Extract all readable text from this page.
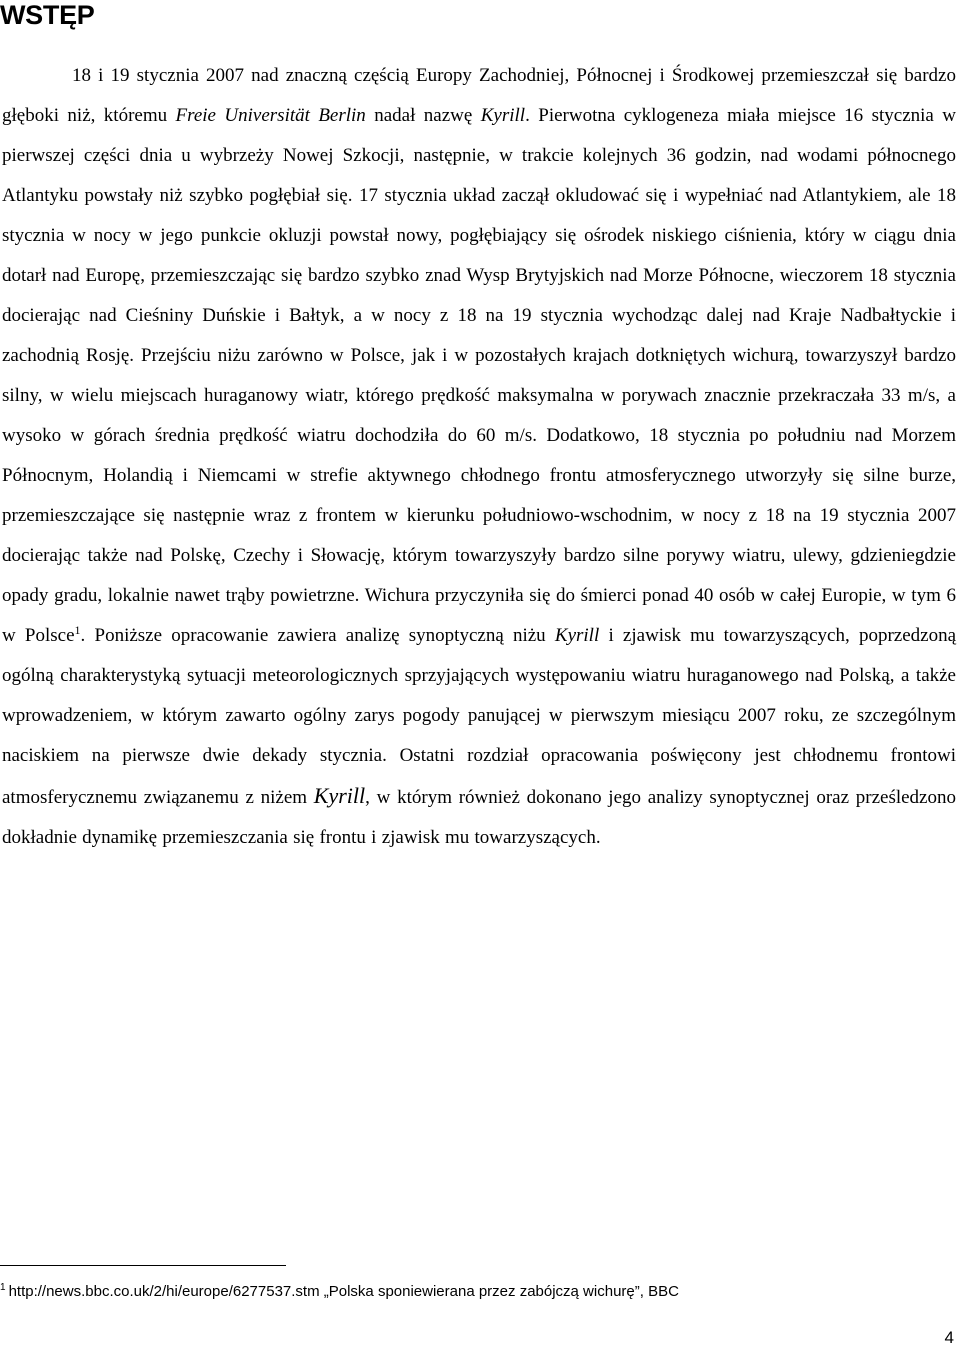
WSTĘP

18 i 19 stycznia 2007 nad znaczną częścią Europy Zachodniej, Północnej i Środkowej przemieszczał się bardzo głęboki niż, któremu Freie Universität Berlin nadał nazwę Kyrill. Pierwotna cyklogeneza miała miejsce 16 stycznia w pierwszej części dnia u wybrzeży Nowej Szkocji, następnie, w trakcie kolejnych 36 godzin, nad wodami północnego Atlantyku powstały niż szybko pogłębiał się. 17 stycznia układ zaczął okludować się i wypełniać nad Atlantykiem, ale 18 stycznia w nocy w jego punkcie okluzji powstał nowy, pogłębiający się ośrodek niskiego ciśnienia, który w ciągu dnia dotarł nad Europę, przemieszczając się bardzo szybko znad Wysp Brytyjskich nad Morze Północne, wieczorem 18 stycznia docierając nad Cieśniny Duńskie i Bałtyk, a w nocy z 18 na 19 stycznia wychodząc dalej nad Kraje Nadbałtyckie i zachodnią Rosję. Przejściu niżu zarówno w Polsce, jak i w pozostałych krajach dotkniętych wichurą, towarzyszył bardzo silny, w wielu miejscach huraganowy wiatr, którego prędkość maksymalna w porywach znacznie przekraczała 33 m/s, a wysoko w górach średnia prędkość wiatru dochodziła do 60 m/s. Dodatkowo, 18 stycznia po południu nad Morzem Północnym, Holandią i Niemcami w strefie aktywnego chłodnego frontu atmosferycznego utworzyły się silne burze, przemieszczające się następnie wraz z frontem w kierunku południowo-wschodnim, w nocy z 18 na 19 stycznia 2007 docierając także nad Polskę, Czechy i Słowację, którym towarzyszyły bardzo silne porywy wiatru, ulewy, gdzieniegdzie opady gradu, lokalnie nawet trąby powietrzne. Wichura przyczyniła się do śmierci ponad 40 osób w całej Europie, w tym 6 w Polsce$^1$. Poniższe opracowanie zawiera analizę synoptyczną niżu Kyrill i zjawisk mu towarzyszących, poprzedzoną ogólną charakterystyką sytuacji meteorologicznych sprzyjających występowaniu wiatru huraganowego nad Polską, a także wprowadzeniem, w którym zawarto ogólny zarys pogody panującej w pierwszym miesiącu 2007 roku, ze szczególnym naciskiem na pierwsze dwie dekady stycznia. Ostatni rozdział opracowania poświęcony jest chłodnemu frontowi atmosferycznemu związanemu z niżem Kyrill, w którym również dokonano jego analizy synoptycznej oraz prześledzono dokładnie dynamikę przemieszczania się frontu i zjawisk mu towarzyszących.

$^1$ http://news.bbc.co.uk/2/hi/europe/6277537.stm „Polska sponiewierana przez zabójczą wichurę”, BBC

4
